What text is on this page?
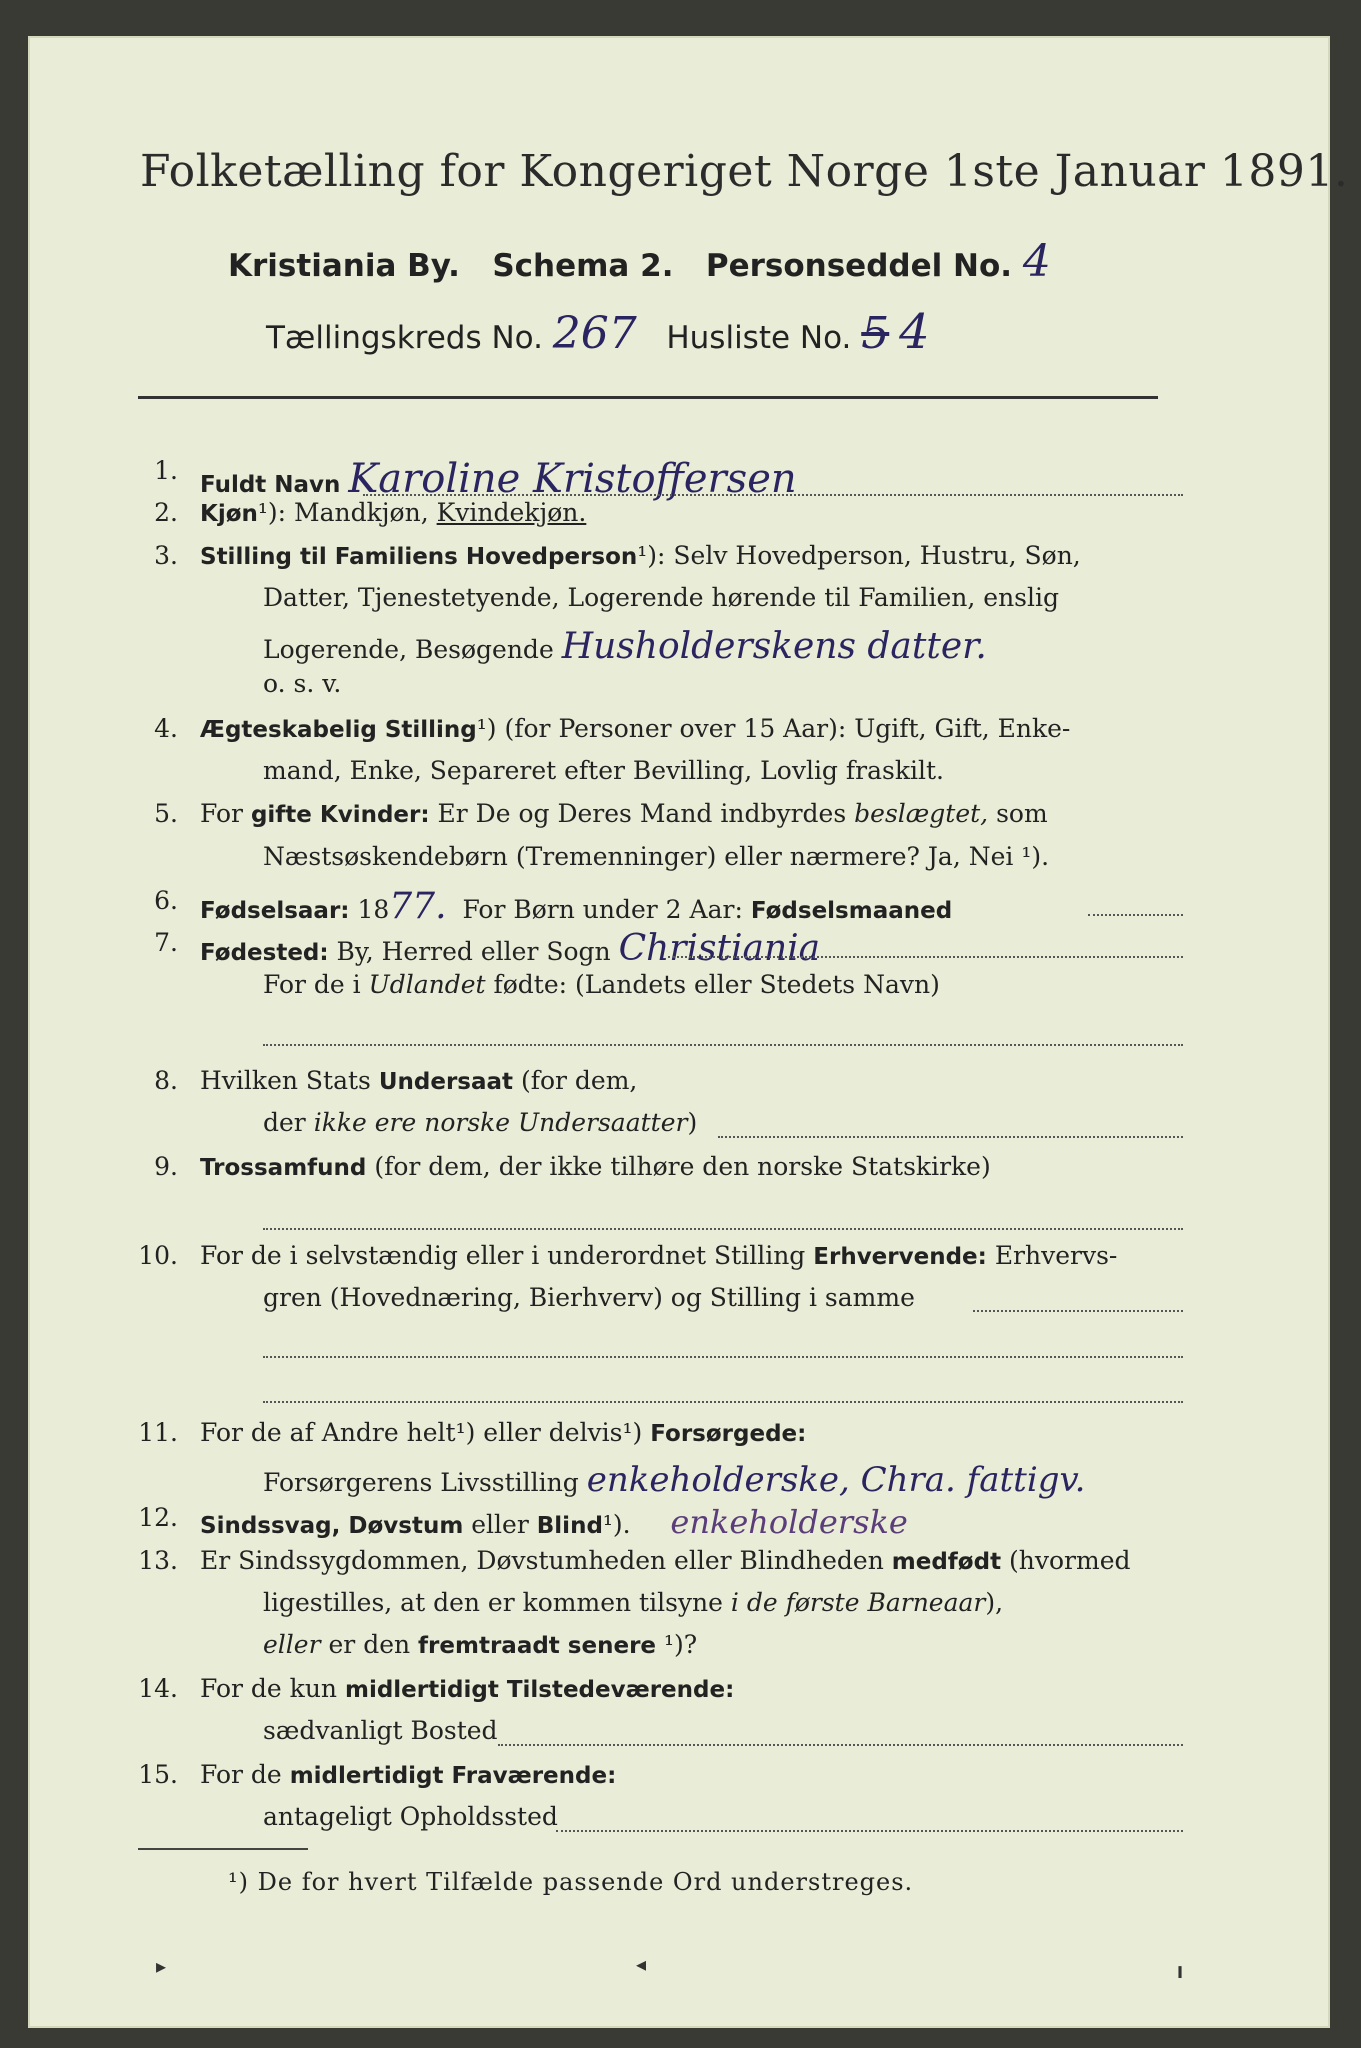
Folketælling for Kongeriget Norge 1ste Januar 1891.
Kristiania By. Schema 2. Personseddel No. 4
Tællingskreds No. 267 Husliste No. 5 4
1. Fuldt Navn Karoline Kristoffersen
2. Kjøn¹): Mandkjøn, Kvindekjøn.
3. Stilling til Familiens Hovedperson¹): Selv Hovedperson, Hustru, Søn,
Datter, Tjenestetyende, Logerende hørende til Familien, enslig
Logerende, Besøgende Husholderskens datter.
o. s. v.
4. Ægteskabelig Stilling¹) (for Personer over 15 Aar): Ugift, Gift, Enke-
mand, Enke, Separeret efter Bevilling, Lovlig fraskilt.
5. For gifte Kvinder: Er De og Deres Mand indbyrdes beslægtet, som
Næstsøskendebørn (Tremenninger) eller nærmere? Ja, Nei ¹).
6. Fødselsaar: 1877. For Børn under 2 Aar: Fødselsmaaned
7. Fødested: By, Herred eller Sogn Christiania
For de i Udlandet fødte: (Landets eller Stedets Navn)
8. Hvilken Stats Undersaat (for dem,
der ikke ere norske Undersaatter)
9. Trossamfund (for dem, der ikke tilhøre den norske Statskirke)
10. For de i selvstændig eller i underordnet Stilling Erhvervende: Erhvervs-
gren (Hovednæring, Bierhverv) og Stilling i samme
11. For de af Andre helt¹) eller delvis¹) Forsørgede:
Forsørgerens Livsstilling enkeholderske, Chra. fattigv.
12. Sindssvag, Døvstum eller Blind¹). enkeholderske
13. Er Sindssygdommen, Døvstumheden eller Blindheden medfødt (hvormed
ligestilles, at den er kommen tilsyne i de første Barneaar),
eller er den fremtraadt senere ¹)?
14. For de kun midlertidigt Tilstedeværende:
sædvanligt Bosted
15. For de midlertidigt Fraværende:
antageligt Opholdssted
¹) De for hvert Tilfælde passende Ord understreges.
▸	◂	╻
